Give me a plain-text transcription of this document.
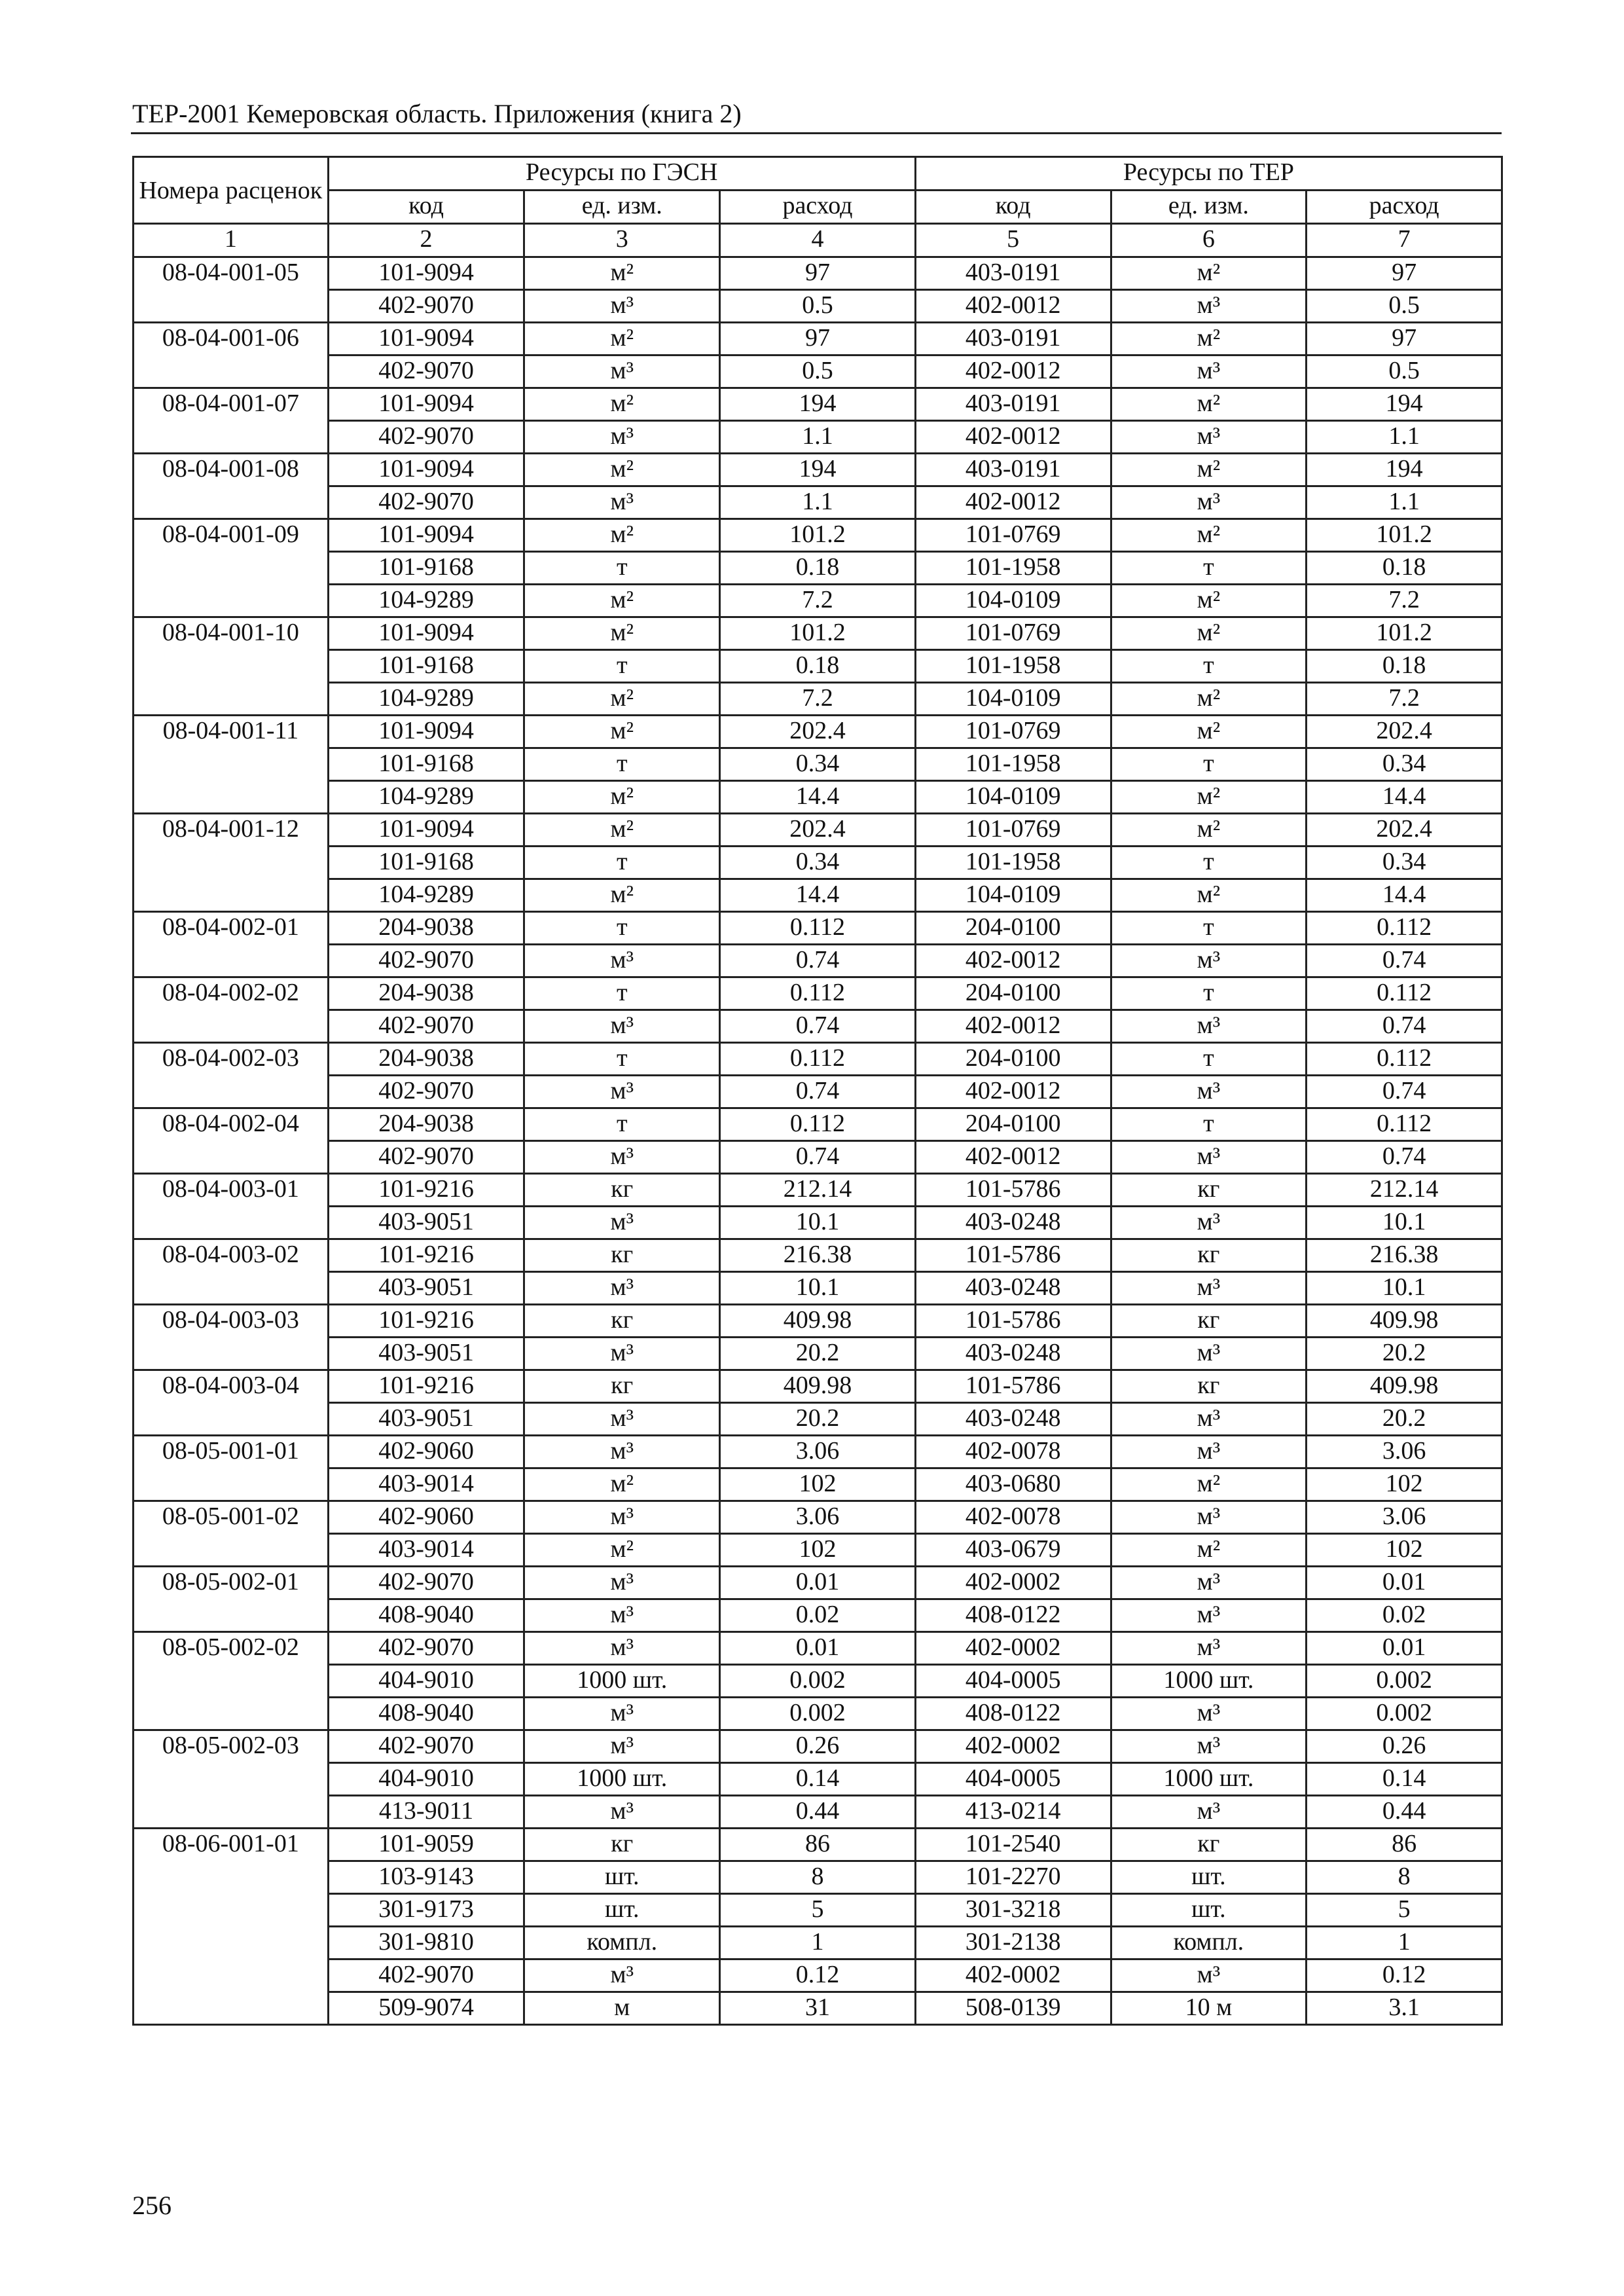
ТЕР-2001 Кемеровская область. Приложения (книга 2)
Номера расценок	Ресурсы по ГЭСН			Ресурсы по ТЕР		
	код	ед. изм.	расход	код	ед. изм.	расход
1	2	3	4	5	6	7
08-04-001-05	101-9094	м²	97	403-0191	м²	97
	402-9070	м³	0.5	402-0012	м³	0.5
08-04-001-06	101-9094	м²	97	403-0191	м²	97
	402-9070	м³	0.5	402-0012	м³	0.5
08-04-001-07	101-9094	м²	194	403-0191	м²	194
	402-9070	м³	1.1	402-0012	м³	1.1
08-04-001-08	101-9094	м²	194	403-0191	м²	194
	402-9070	м³	1.1	402-0012	м³	1.1
08-04-001-09	101-9094	м²	101.2	101-0769	м²	101.2
	101-9168	т	0.18	101-1958	т	0.18
	104-9289	м²	7.2	104-0109	м²	7.2
08-04-001-10	101-9094	м²	101.2	101-0769	м²	101.2
	101-9168	т	0.18	101-1958	т	0.18
	104-9289	м²	7.2	104-0109	м²	7.2
08-04-001-11	101-9094	м²	202.4	101-0769	м²	202.4
	101-9168	т	0.34	101-1958	т	0.34
	104-9289	м²	14.4	104-0109	м²	14.4
08-04-001-12	101-9094	м²	202.4	101-0769	м²	202.4
	101-9168	т	0.34	101-1958	т	0.34
	104-9289	м²	14.4	104-0109	м²	14.4
08-04-002-01	204-9038	т	0.112	204-0100	т	0.112
	402-9070	м³	0.74	402-0012	м³	0.74
08-04-002-02	204-9038	т	0.112	204-0100	т	0.112
	402-9070	м³	0.74	402-0012	м³	0.74
08-04-002-03	204-9038	т	0.112	204-0100	т	0.112
	402-9070	м³	0.74	402-0012	м³	0.74
08-04-002-04	204-9038	т	0.112	204-0100	т	0.112
	402-9070	м³	0.74	402-0012	м³	0.74
08-04-003-01	101-9216	кг	212.14	101-5786	кг	212.14
	403-9051	м³	10.1	403-0248	м³	10.1
08-04-003-02	101-9216	кг	216.38	101-5786	кг	216.38
	403-9051	м³	10.1	403-0248	м³	10.1
08-04-003-03	101-9216	кг	409.98	101-5786	кг	409.98
	403-9051	м³	20.2	403-0248	м³	20.2
08-04-003-04	101-9216	кг	409.98	101-5786	кг	409.98
	403-9051	м³	20.2	403-0248	м³	20.2
08-05-001-01	402-9060	м³	3.06	402-0078	м³	3.06
	403-9014	м²	102	403-0680	м²	102
08-05-001-02	402-9060	м³	3.06	402-0078	м³	3.06
	403-9014	м²	102	403-0679	м²	102
08-05-002-01	402-9070	м³	0.01	402-0002	м³	0.01
	408-9040	м³	0.02	408-0122	м³	0.02
08-05-002-02	402-9070	м³	0.01	402-0002	м³	0.01
	404-9010	1000 шт.	0.002	404-0005	1000 шт.	0.002
	408-9040	м³	0.002	408-0122	м³	0.002
08-05-002-03	402-9070	м³	0.26	402-0002	м³	0.26
	404-9010	1000 шт.	0.14	404-0005	1000 шт.	0.14
	413-9011	м³	0.44	413-0214	м³	0.44
08-06-001-01	101-9059	кг	86	101-2540	кг	86
	103-9143	шт.	8	101-2270	шт.	8
	301-9173	шт.	5	301-3218	шт.	5
	301-9810	компл.	1	301-2138	компл.	1
	402-9070	м³	0.12	402-0002	м³	0.12
	509-9074	м	31	508-0139	10 м	3.1
256
